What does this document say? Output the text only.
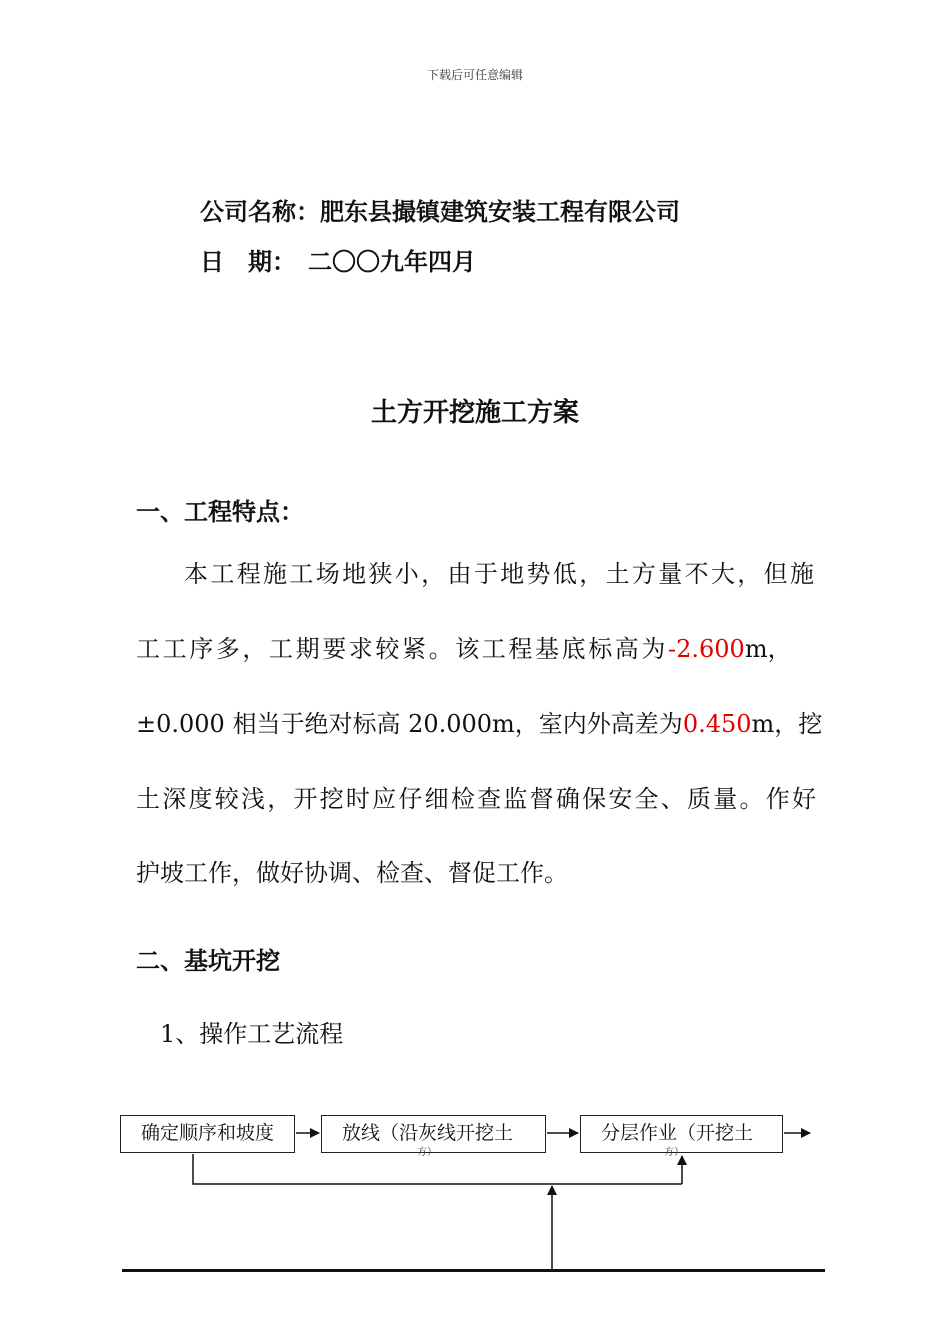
下载后可任意编辑
公司名称：肥东县撮镇建筑安装工程有限公司
日　期： 二〇〇九年四月
土方开挖施工方案
一、工程特点：
本工程施工场地狭小，由于地势低，土方量不大，但施
工工序多，工期要求较紧。该工程基底标高为-2.600m，
±0.000 相当于绝对标高 20.000m，室内外高差为0.450m，挖
土深度较浅，开挖时应仔细检查监督确保安全、质量。作好
护坡工作，做好协调、检查、督促工作。
二、基坑开挖
1、操作工艺流程
确定顺序和坡度	放线（沿灰线开挖土	分层作业（开挖土
方）	方）
